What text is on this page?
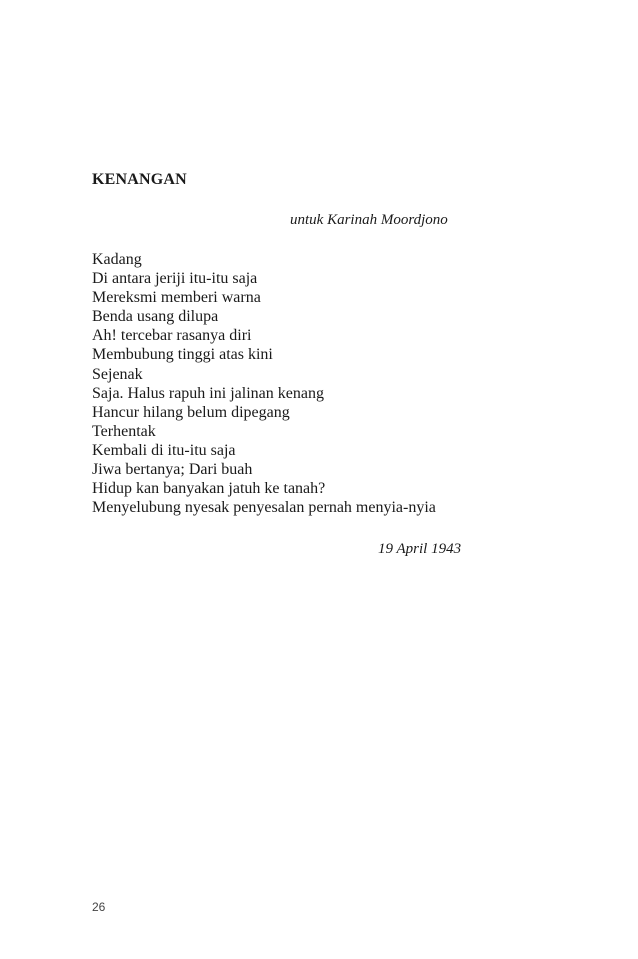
KENANGAN

untuk Karinah Moordjono

Kadang
Di antara jeriji itu-itu saja
Mereksmi memberi warna
Benda usang dilupa
Ah! tercebar rasanya diri
Membubung tinggi atas kini
Sejenak
Saja. Halus rapuh ini jalinan kenang
Hancur hilang belum dipegang
Terhentak
Kembali di itu-itu saja
Jiwa bertanya; Dari buah
Hidup kan banyakan jatuh ke tanah?
Menyelubung nyesak penyesalan pernah menyia-nyia

19 April 1943

26
